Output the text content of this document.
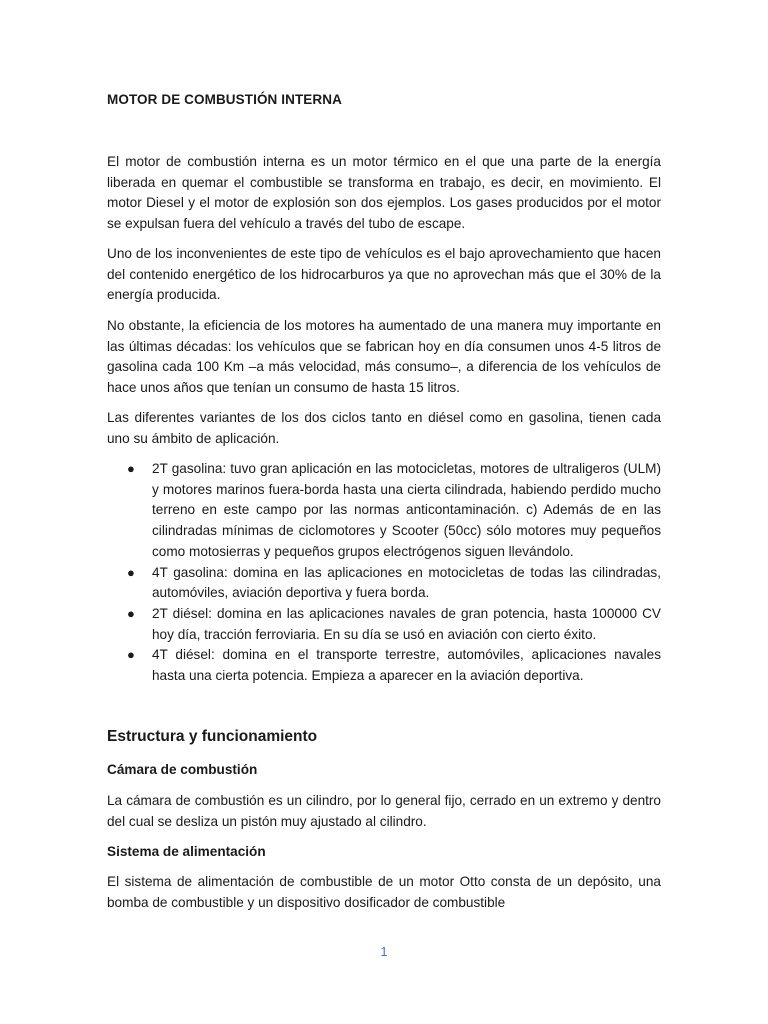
MOTOR DE COMBUSTIÓN INTERNA

El motor de combustión interna es un motor térmico en el que una parte de la energía liberada en quemar el combustible se transforma en trabajo, es decir, en movimiento. El motor Diesel y el motor de explosión son dos ejemplos. Los gases producidos por el motor se expulsan fuera del vehículo a través del tubo de escape.

Uno de los inconvenientes de este tipo de vehículos es el bajo aprovechamiento que hacen del contenido energético de los hidrocarburos ya que no aprovechan más que el 30% de la energía producida.

No obstante, la eficiencia de los motores ha aumentado de una manera muy importante en las últimas décadas: los vehículos que se fabrican hoy en día consumen unos 4-5 litros de gasolina cada 100 Km –a más velocidad, más consumo–, a diferencia de los vehículos de hace unos años que tenían un consumo de hasta 15 litros.

Las diferentes variantes de los dos ciclos tanto en diésel como en gasolina, tienen cada uno su ámbito de aplicación.

● 2T gasolina: tuvo gran aplicación en las motocicletas, motores de ultraligeros (ULM) y motores marinos fuera-borda hasta una cierta cilindrada, habiendo perdido mucho terreno en este campo por las normas anticontaminación. c) Además de en las cilindradas mínimas de ciclomotores y Scooter (50cc) sólo motores muy pequeños como motosierras y pequeños grupos electrógenos siguen llevándolo.
● 4T gasolina: domina en las aplicaciones en motocicletas de todas las cilindradas, automóviles, aviación deportiva y fuera borda.
● 2T diésel: domina en las aplicaciones navales de gran potencia, hasta 100000 CV hoy día, tracción ferroviaria. En su día se usó en aviación con cierto éxito.
● 4T diésel: domina en el transporte terrestre, automóviles, aplicaciones navales hasta una cierta potencia. Empieza a aparecer en la aviación deportiva.
Estructura y funcionamiento
Cámara de combustión

La cámara de combustión es un cilindro, por lo general fijo, cerrado en un extremo y dentro del cual se desliza un pistón muy ajustado al cilindro.

Sistema de alimentación

El sistema de alimentación de combustible de un motor Otto consta de un depósito, una bomba de combustible y un dispositivo dosificador de combustible

1
